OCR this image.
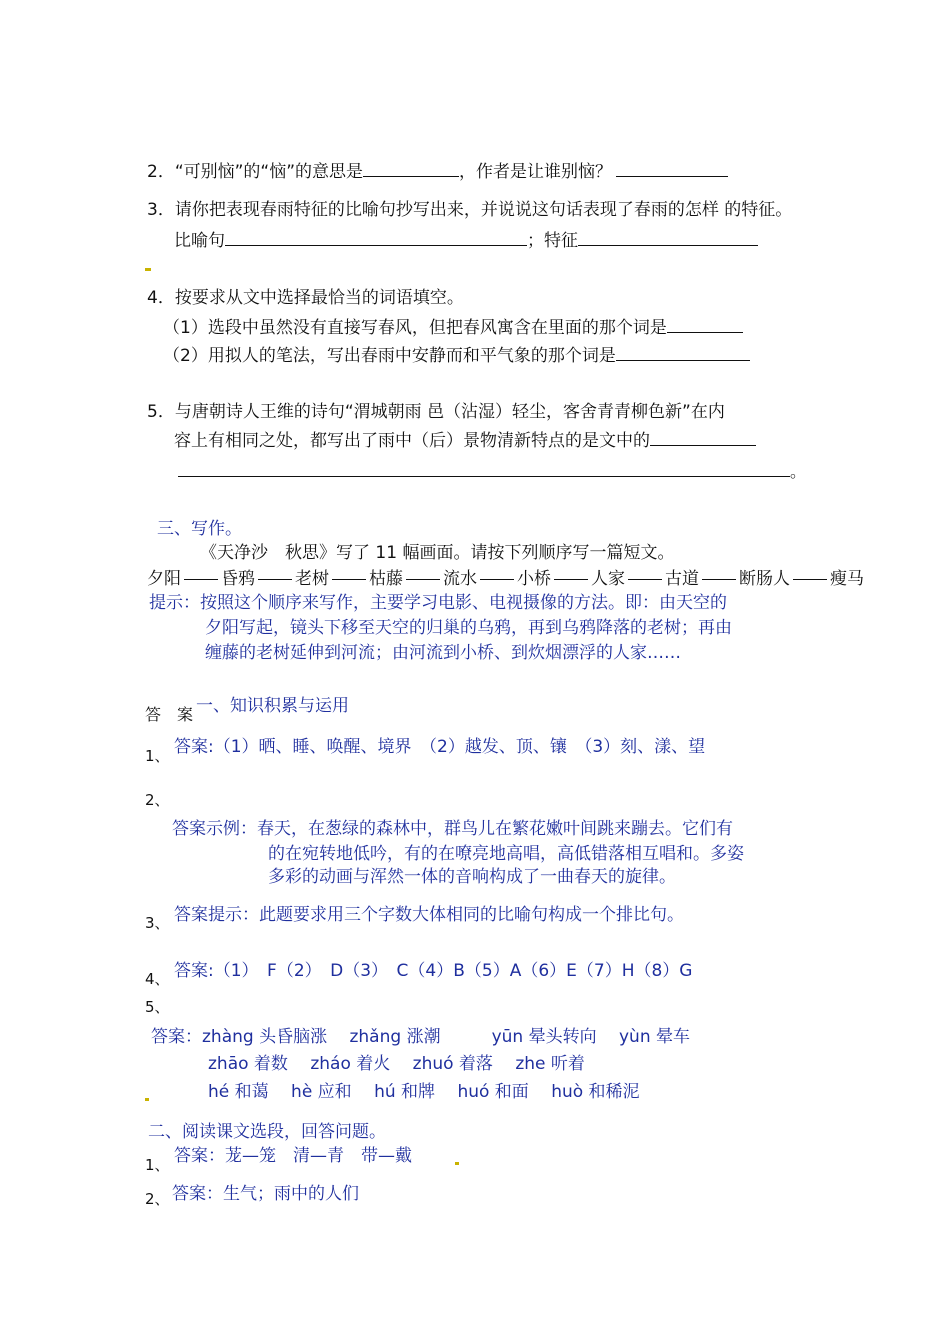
2．“可别恼”的“恼”的意思是	，作者是让谁别恼？
3．请你把表现春雨特征的比喻句抄写出来，并说说这句话表现了春雨的怎样 的特征。
比喻句	；特征
4．按要求从文中选择最恰当的词语填空。
（1）选段中虽然没有直接写春风，但把春风寓含在里面的那个词是
（2）用拟人的笔法，写出春雨中安静而和平气象的那个词是
5．与唐朝诗人王维的诗句“渭城朝雨 邑（沾湿）轻尘，客舍青青柳色新”在内
容上有相同之处，都写出了雨中（后）景物清新特点的是文中的
。
三、写作。
《天净沙　秋思》写了 11 幅画面。请按下列顺序写一篇短文。
夕阳 昏鸦 老树 枯藤 流水 小桥 人家 古道 断肠人 瘦马
提示：按照这个顺序来写作，主要学习电影、电视摄像的方法。即：由天空的
夕阳写起，镜头下移至天空的归巢的乌鸦，再到乌鸦降落的老树；再由
缠藤的老树延伸到河流；由河流到小桥、到炊烟漂浮的人家……
答　案 一、知识积累与运用
1、 答案:（1）晒、睡、唤醒、境界　（2）越发、顶、镶　（3）刻、漾、望
2、
答案示例：春天，在葱绿的森林中，群鸟儿在繁花嫩叶间跳来蹦去。它们有
的在宛转地低吟，有的在嘹亮地高唱，高低错落相互唱和。多姿
多彩的动画与浑然一体的音响构成了一曲春天的旋律。
3、 答案提示：此题要求用三个字数大体相同的比喻句构成一个排比句。
4、 答案:（1）　F（2）　D（3）　C（4）B（5）A（6）E（7）H（8）G
5、
答案：zhàng 头昏脑涨　 zhǎng 涨潮　　　yūn 晕头转向　 yùn 晕车
zhāo 着数　 zháo 着火　 zhuó 着落　 zhe 听着
hé 和蔼　 hè 应和　 hú 和牌　 huó 和面　 huò 和稀泥
二、阅读课文选段，回答问题。
1、 答案：茏—笼　清—青　带—戴
2、 答案：生气；雨中的人们
